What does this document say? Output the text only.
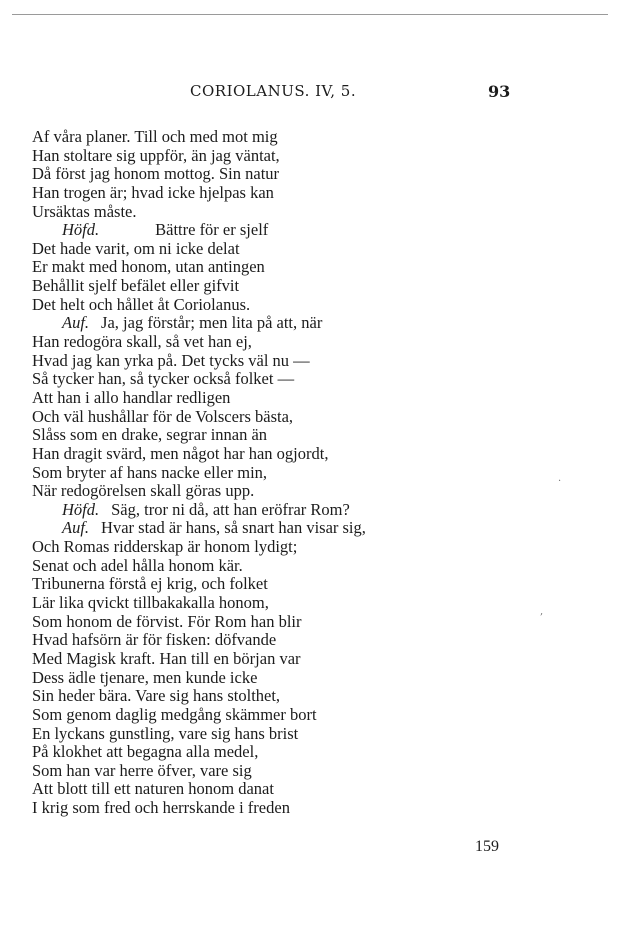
CORIOLANUS. IV, 5.	93
Af våra planer. Till och med mot mig
Han stoltare sig uppför, än jag väntat,
Då först jag honom mottog. Sin natur
Han trogen är; hvad icke hjelpas kan
Ursäktas måste.
Höfd.	Bättre för er sjelf
Det hade varit, om ni icke delat
Er makt med honom, utan antingen
Behållit sjelf befälet eller gifvit
Det helt och hållet åt Coriolanus.
Auf. Ja, jag förstår; men lita på att, när
Han redogöra skall, så vet han ej,
Hvad jag kan yrka på. Det tycks väl nu —
Så tycker han, så tycker också folket —
Att han i allo handlar redligen
Och väl hushållar för de Volscers bästa,
Slåss som en drake, segrar innan än
Han dragit svärd, men något har han ogjordt,
Som bryter af hans nacke eller min,
När redogörelsen skall göras upp.
Höfd. Säg, tror ni då, att han eröfrar Rom?
Auf. Hvar stad är hans, så snart han visar sig,
Och Romas ridderskap är honom lydigt;
Senat och adel hålla honom kär.
Tribunerna förstå ej krig, och folket
Lär lika qvickt tillbakakalla honom,
Som honom de förvist. För Rom han blir
Hvad hafsörn är för fisken: döfvande
Med Magisk kraft. Han till en början var
Dess ädle tjenare, men kunde icke
Sin heder bära. Vare sig hans stolthet,
Som genom daglig medgång skämmer bort
En lyckans gunstling, vare sig hans brist
På klokhet att begagna alla medel,
Som han var herre öfver, vare sig
Att blott till ett naturen honom danat
I krig som fred och herrskande i freden
159
·
,
